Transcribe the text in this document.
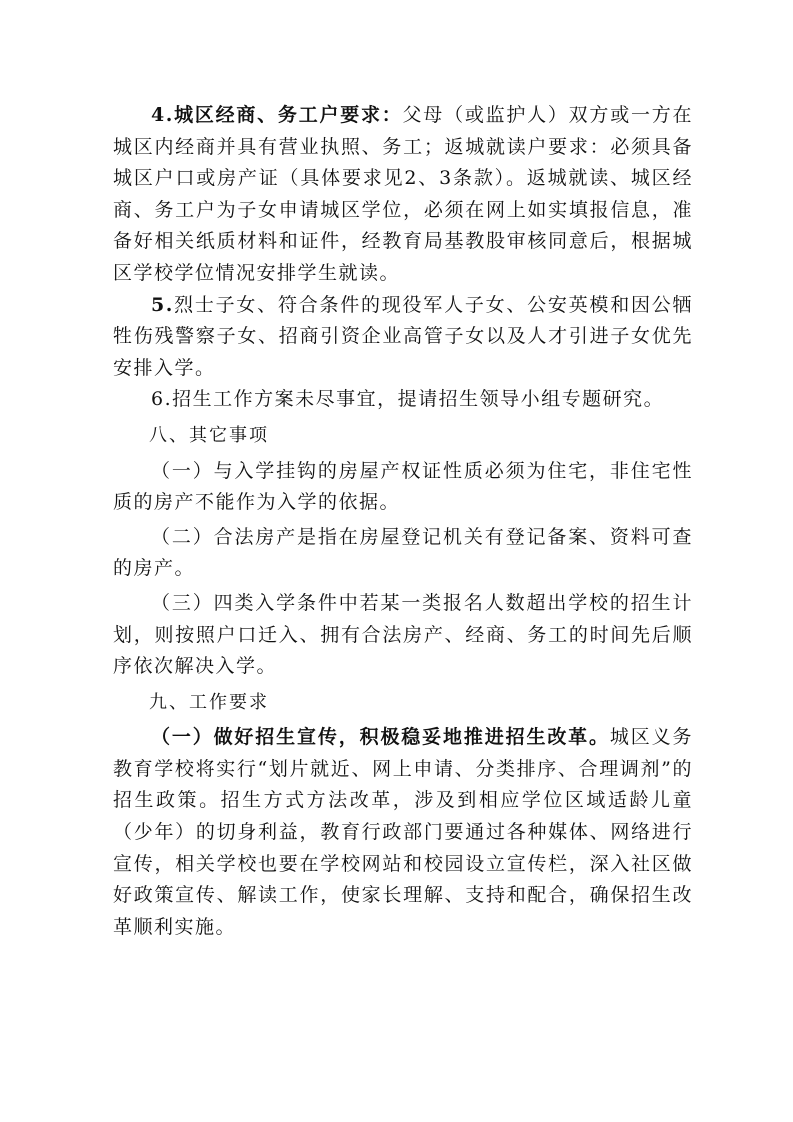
4.城区经商、务工户要求：父母（或监护人）双方或一方在城区内经商并具有营业执照、务工；返城就读户要求：必须具备城区户口或房产证（具体要求见2、3条款）。返城就读、城区经商、务工户为子女申请城区学位，必须在网上如实填报信息，准备好相关纸质材料和证件，经教育局基教股审核同意后，根据城区学校学位情况安排学生就读。

5.烈士子女、符合条件的现役军人子女、公安英模和因公牺牲伤残警察子女、招商引资企业高管子女以及人才引进子女优先安排入学。

6.招生工作方案未尽事宜，提请招生领导小组专题研究。

八、其它事项

（一）与入学挂钩的房屋产权证性质必须为住宅，非住宅性质的房产不能作为入学的依据。

（二）合法房产是指在房屋登记机关有登记备案、资料可查的房产。

（三）四类入学条件中若某一类报名人数超出学校的招生计划，则按照户口迁入、拥有合法房产、经商、务工的时间先后顺序依次解决入学。

九、工作要求

（一）做好招生宣传，积极稳妥地推进招生改革。城区义务教育学校将实行“划片就近、网上申请、分类排序、合理调剂”的招生政策。招生方式方法改革，涉及到相应学位区域适龄儿童（少年）的切身利益，教育行政部门要通过各种媒体、网络进行宣传，相关学校也要在学校网站和校园设立宣传栏，深入社区做好政策宣传、解读工作，使家长理解、支持和配合，确保招生改革顺利实施。
